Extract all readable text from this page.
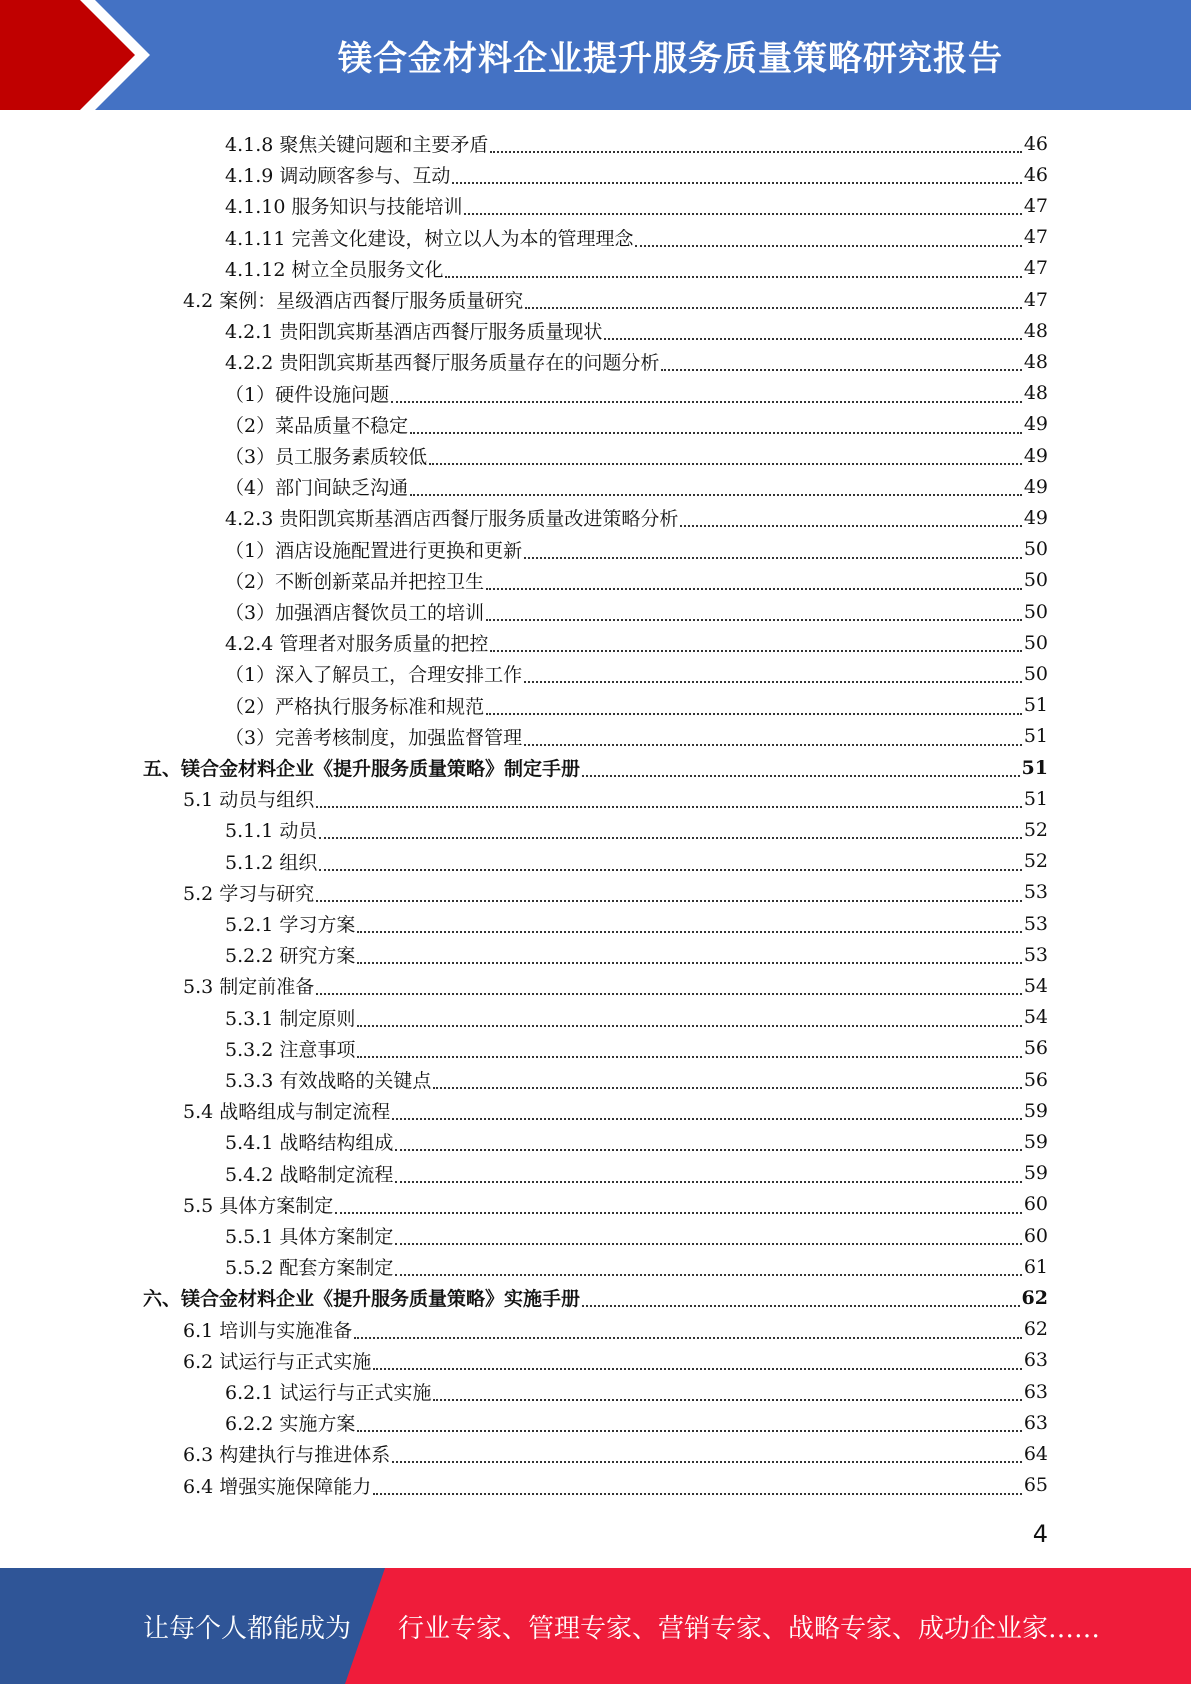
镁合金材料企业提升服务质量策略研究报告
4.1.8 聚焦关键问题和主要矛盾	46
4.1.9 调动顾客参与、互动	46
4.1.10 服务知识与技能培训	47
4.1.11 完善文化建设，树立以人为本的管理理念	47
4.1.12 树立全员服务文化	47
4.2 案例：星级酒店西餐厅服务质量研究	47
4.2.1 贵阳凯宾斯基酒店西餐厅服务质量现状	48
4.2.2 贵阳凯宾斯基西餐厅服务质量存在的问题分析	48
（1）硬件设施问题	48
（2）菜品质量不稳定	49
（3）员工服务素质较低	49
（4）部门间缺乏沟通	49
4.2.3 贵阳凯宾斯基酒店西餐厅服务质量改进策略分析	49
（1）酒店设施配置进行更换和更新	50
（2）不断创新菜品并把控卫生	50
（3）加强酒店餐饮员工的培训	50
4.2.4 管理者对服务质量的把控	50
（1）深入了解员工，合理安排工作	50
（2）严格执行服务标准和规范	51
（3）完善考核制度，加强监督管理	51
五、镁合金材料企业《提升服务质量策略》制定手册	51
5.1 动员与组织	51
5.1.1 动员	52
5.1.2 组织	52
5.2 学习与研究	53
5.2.1 学习方案	53
5.2.2 研究方案	53
5.3 制定前准备	54
5.3.1 制定原则	54
5.3.2 注意事项	56
5.3.3 有效战略的关键点	56
5.4 战略组成与制定流程	59
5.4.1 战略结构组成	59
5.4.2 战略制定流程	59
5.5 具体方案制定	60
5.5.1 具体方案制定	60
5.5.2 配套方案制定	61
六、镁合金材料企业《提升服务质量策略》实施手册	62
6.1 培训与实施准备	62
6.2 试运行与正式实施	63
6.2.1 试运行与正式实施	63
6.2.2 实施方案	63
6.3 构建执行与推进体系	64
6.4 增强实施保障能力	65
4
让每个人都能成为 行业专家、管理专家、营销专家、战略专家、成功企业家……
